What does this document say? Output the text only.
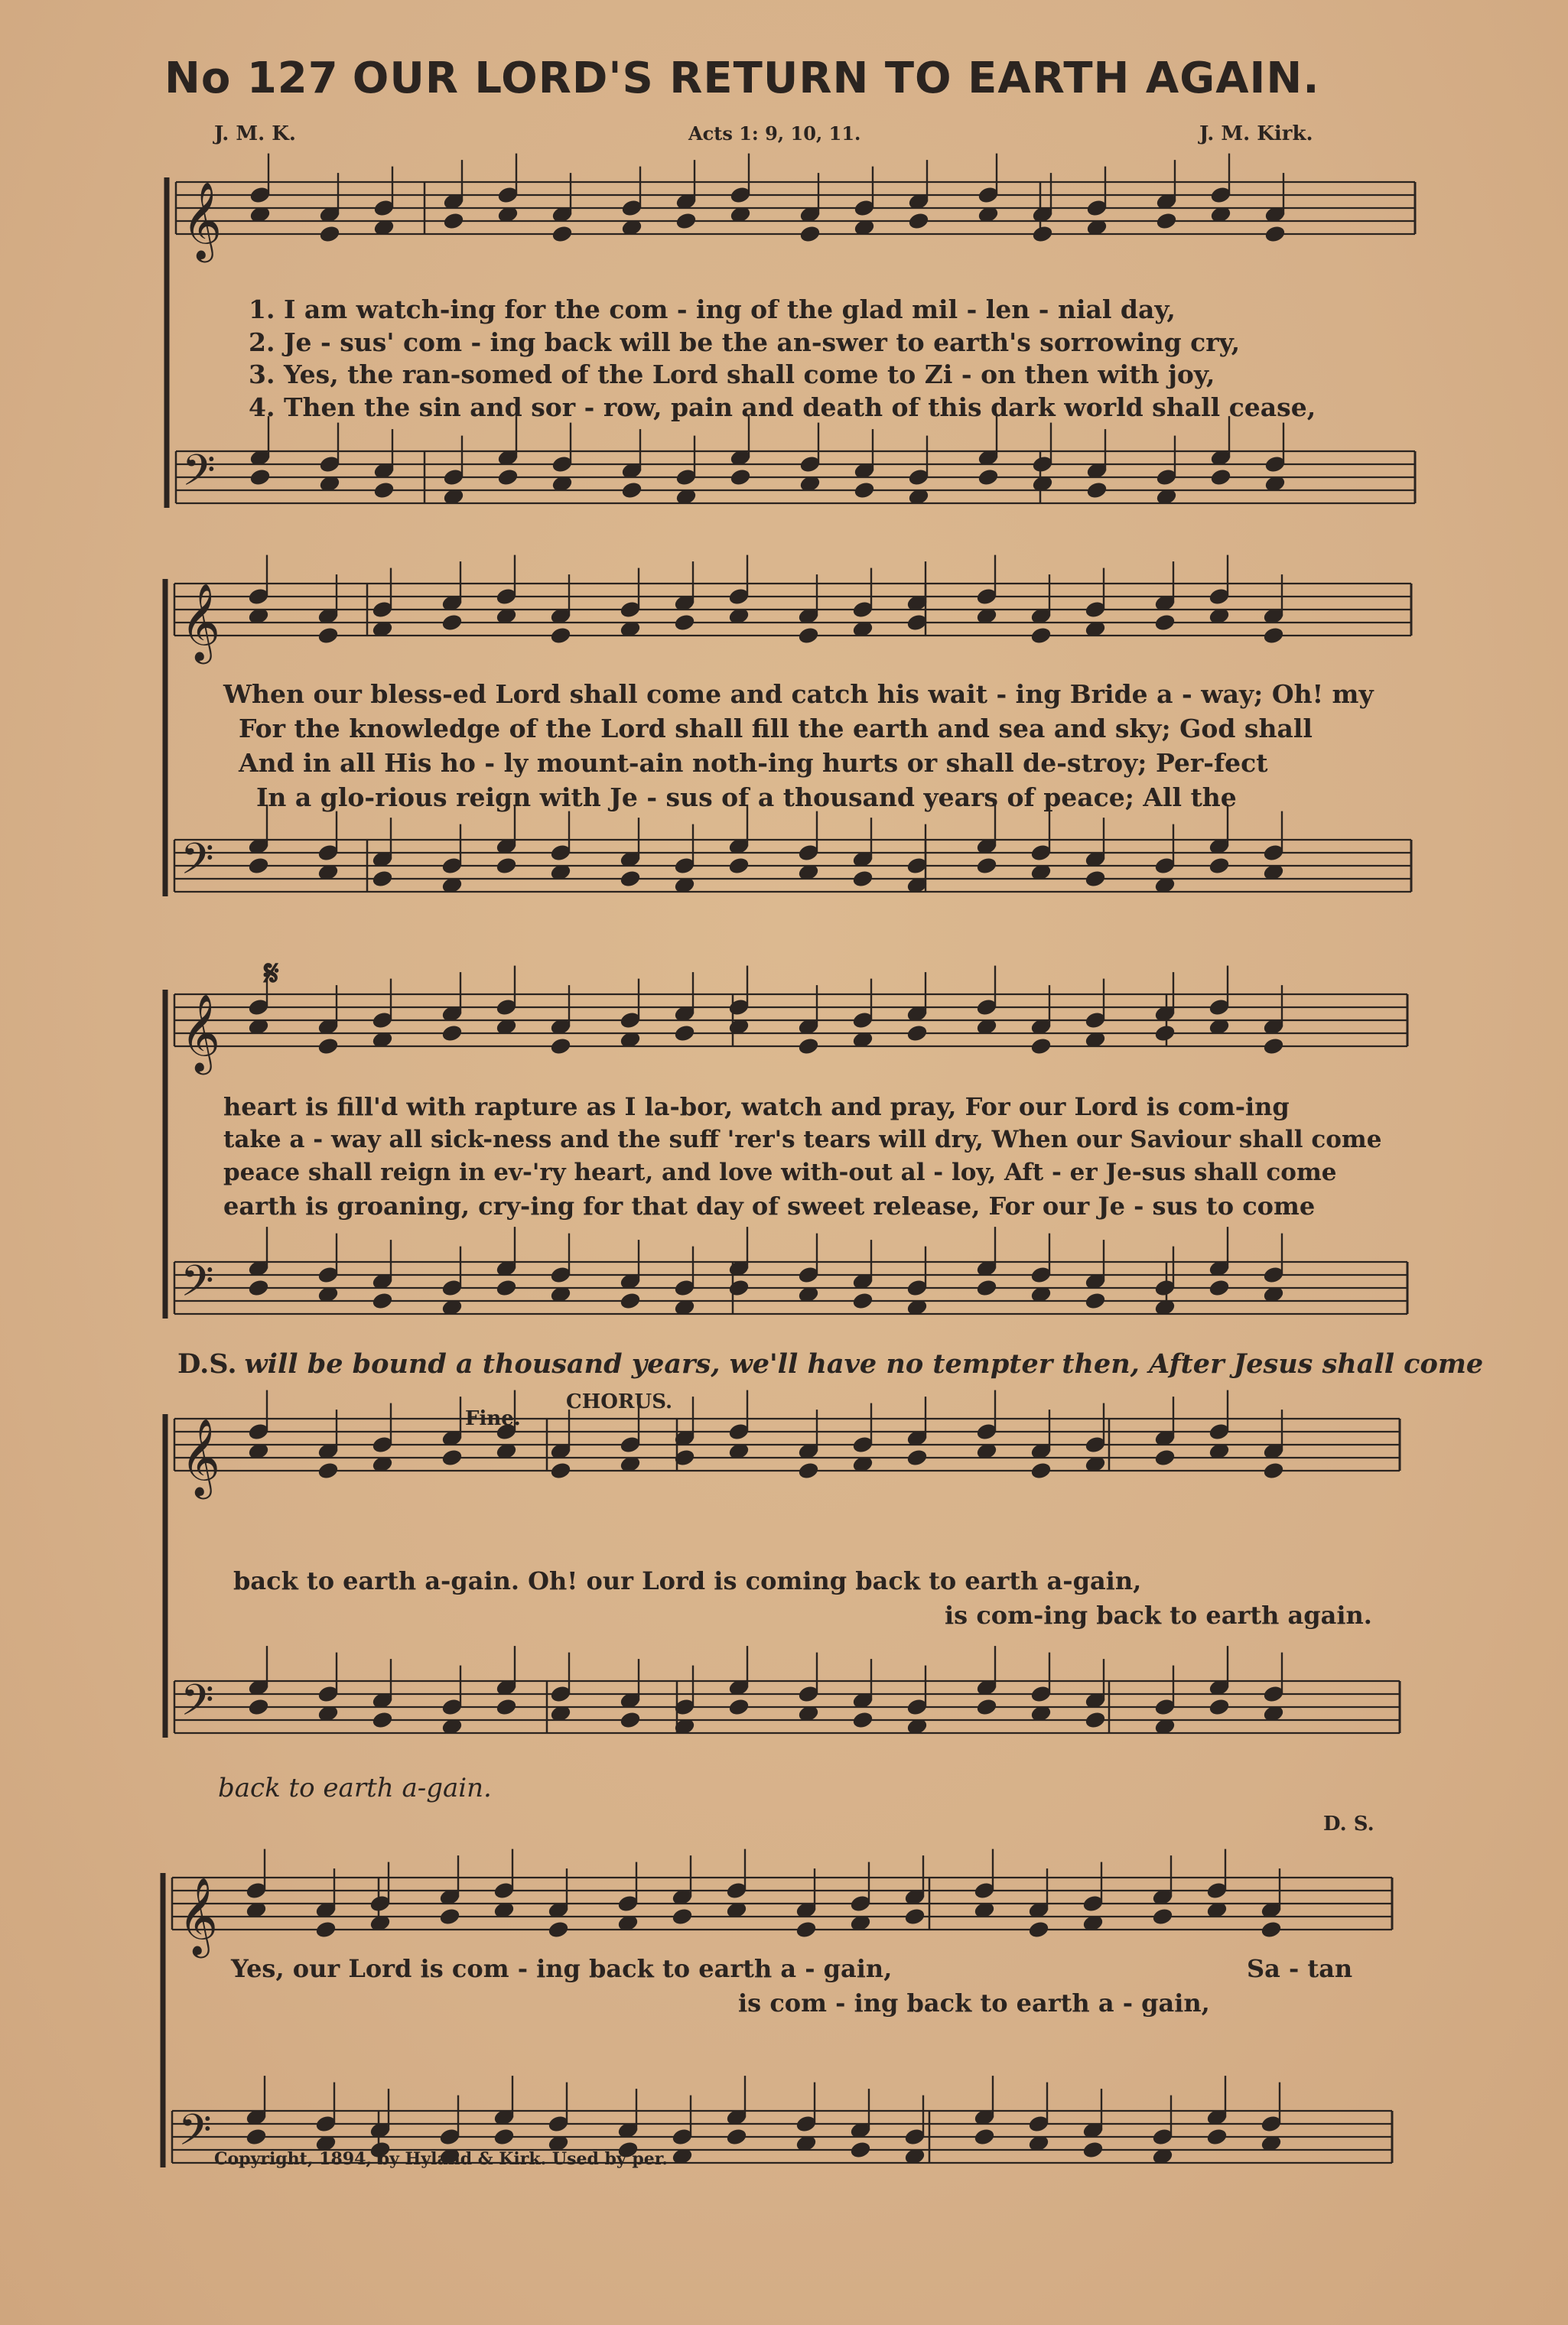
No 127 OUR LORD'S RETURN TO EARTH AGAIN.
J. M. K.	Acts 1: 9, 10, 11.	J. M. Kirk.
𝄞
𝄢
𝄞
𝄢
𝄞
𝄢
𝄞
𝄢
𝄞
𝄢
1. I am watch-ing for the com - ing of the glad mil - len - nial day,
2. Je - sus' com - ing back will be the an-swer to earth's sorrowing cry,
3. Yes, the ran-somed of the Lord shall come to Zi - on then with joy,
4. Then the sin and sor - row, pain and death of this dark world shall cease,
When our bless-ed Lord shall come and catch his wait - ing Bride a - way; Oh! my
For the knowledge of the Lord shall fill the earth and sea and sky; God shall
And in all His ho - ly mount-ain noth-ing hurts or shall de-stroy; Per-fect
In a glo-rious reign with Je - sus of a thousand years of peace; All the
𝄋
heart is fill'd with rapture as I la-bor, watch and pray, For our Lord is com-ing
take a - way all sick-ness and the suff 'rer's tears will dry, When our Saviour shall come
peace shall reign in ev-'ry heart, and love with-out al - loy, Aft - er Je-sus shall come
earth is groaning, cry-ing for that day of sweet release, For our Je - sus to come
D.S. will be bound a thousand years, we'll have no tempter then, After Jesus shall come
Fine.
CHORUS.
back to earth a-gain. Oh! our Lord is coming back to earth a-gain,
is com-ing back to earth again.
back to earth a-gain.
D. S.
Yes, our Lord is com - ing back to earth a - gain,	Sa - tan
is com - ing back to earth a - gain,
Copyright, 1894, by Hyland & Kirk. Used by per.
